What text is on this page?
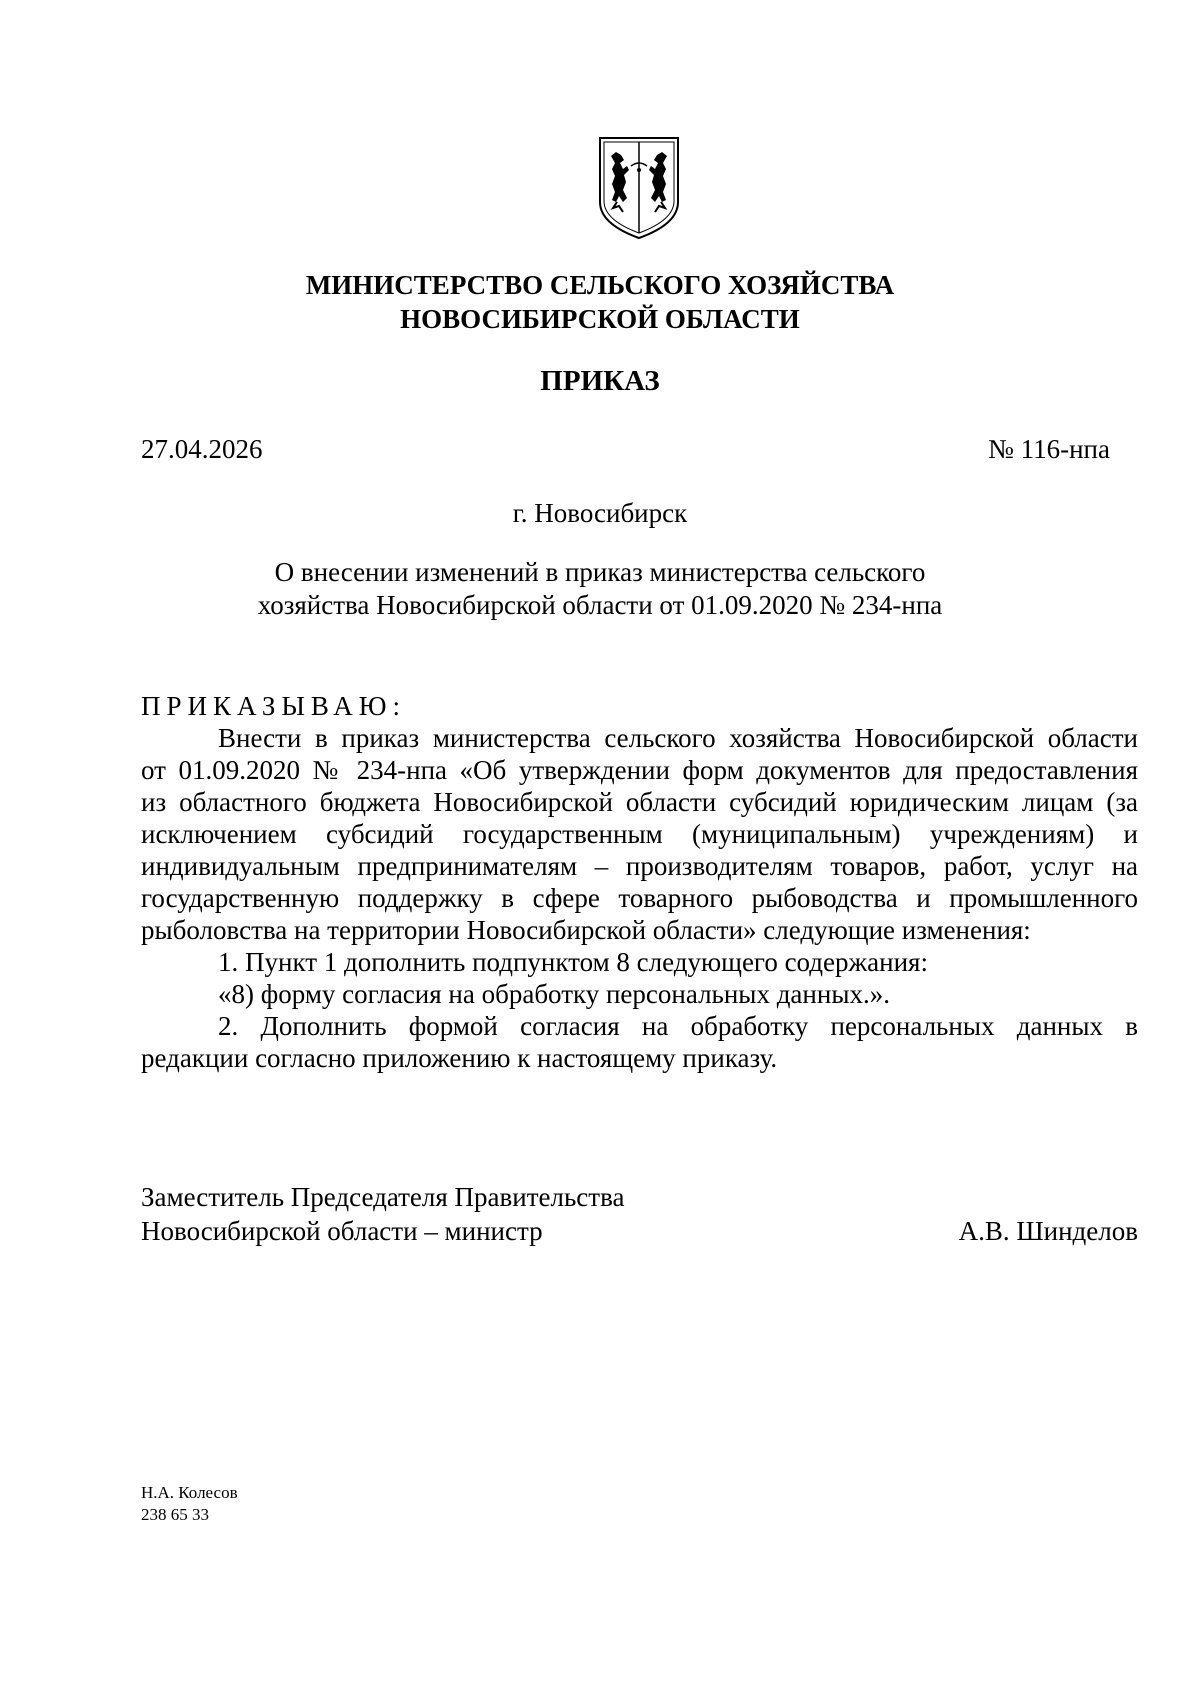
МИНИСТЕРСТВО СЕЛЬСКОГО ХОЗЯЙСТВА
НОВОСИБИРСКОЙ ОБЛАСТИ
ПРИКАЗ
27.04.2026	№ 116-нпа
г. Новосибирск
О внесении изменений в приказ министерства сельского
хозяйства Новосибирской области от 01.09.2020 № 234-нпа
ПРИКАЗЫВАЮ:
Внести в приказ министерства сельского хозяйства Новосибирской области
от 01.09.2020 № 234-нпа «Об утверждении форм документов для предоставления
из областного бюджета Новосибирской области субсидий юридическим лицам (за
исключением субсидий государственным (муниципальным) учреждениям) и
индивидуальным предпринимателям – производителям товаров, работ, услуг на
государственную поддержку в сфере товарного рыбоводства и промышленного
рыболовства на территории Новосибирской области» следующие изменения:
1. Пункт 1 дополнить подпунктом 8 следующего содержания:
«8) форму согласия на обработку персональных данных.».
2. Дополнить формой согласия на обработку персональных данных в
редакции согласно приложению к настоящему приказу.
Заместитель Председателя Правительства
Новосибирской области – министр	А.В. Шинделов
Н.А. Колесов
238 65 33
